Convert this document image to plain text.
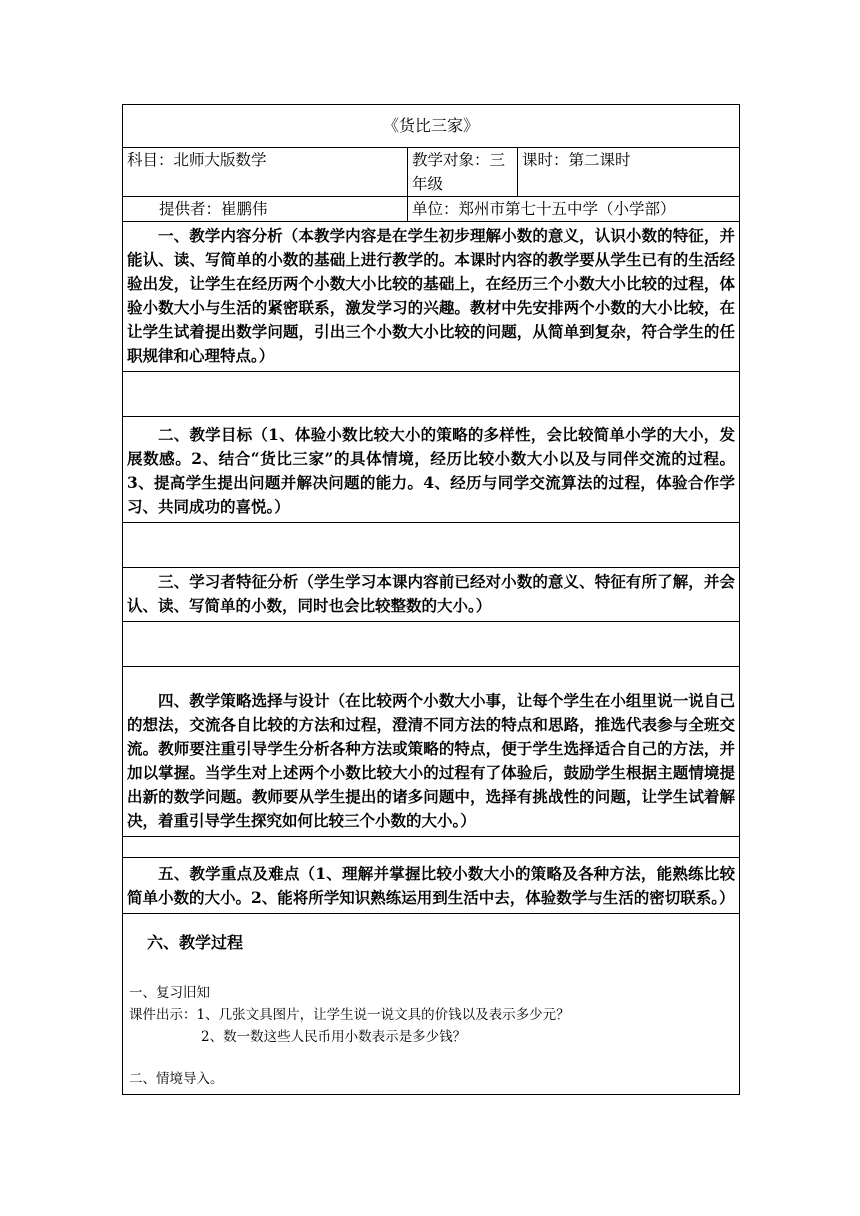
《货比三家》		
科目：北师大版数学	教学对象：三年级	课时：第二课时
提供者：崔鹏伟	单位：郑州市第七十五中学（小学部）	
一、教学内容分析（本教学内容是在学生初步理解小数的意义，认识小数的特征，并能认、读、写简单的小数的基础上进行教学的。本课时内容的教学要从学生已有的生活经验出发，让学生在经历两个小数大小比较的基础上，在经历三个小数大小比较的过程，体验小数大小与生活的紧密联系，激发学习的兴趣。教材中先安排两个小数的大小比较，在让学生试着提出数学问题，引出三个小数大小比较的问题，从简单到复杂，符合学生的任职规律和心理特点。）		

二、教学目标（1、体验小数比较大小的策略的多样性，会比较简单小学的大小，发展数感。2、结合“货比三家”的具体情境，经历比较小数大小以及与同伴交流的过程。3、提高学生提出问题并解决问题的能力。4、经历与同学交流算法的过程，体验合作学习、共同成功的喜悦。）		

三、学习者特征分析（学生学习本课内容前已经对小数的意义、特征有所了解，并会认、读、写简单的小数，同时也会比较整数的大小。）		

四、教学策略选择与设计（在比较两个小数大小事，让每个学生在小组里说一说自己的想法，交流各自比较的方法和过程，澄清不同方法的特点和思路，推选代表参与全班交流。教师要注重引导学生分析各种方法或策略的特点，便于学生选择适合自己的方法，并加以掌握。当学生对上述两个小数比较大小的过程有了体验后，鼓励学生根据主题情境提出新的数学问题。教师要从学生提出的诸多问题中，选择有挑战性的问题，让学生试着解决，着重引导学生探究如何比较三个小数的大小。）		

五、教学重点及难点（1、理解并掌握比较小数大小的策略及各种方法，能熟练比较简单小数的大小。2、能将所学知识熟练运用到生活中去，体验数学与生活的密切联系。）		

六、教学过程
一、复习旧知
课件出示：1、几张文具图片，让学生说一说文具的价钱以及表示多少元？
2、数一数这些人民币用小数表示是多少钱？
二、情境导入。		
